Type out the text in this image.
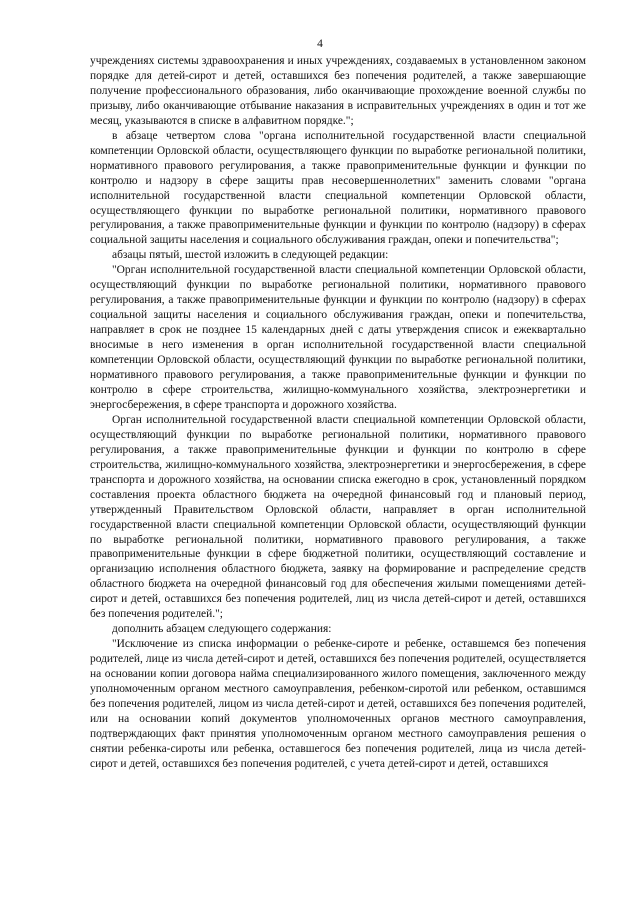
4

учреждениях системы здравоохранения и иных учреждениях, создаваемых в установленном законом порядке для детей-сирот и детей, оставшихся без попечения родителей, а также завершающие получение профессионального образования, либо оканчивающие прохождение военной службы по призыву, либо оканчивающие отбывание наказания в исправительных учреждениях в один и тот же месяц, указываются в списке в алфавитном порядке.";

в абзаце четвертом слова "органа исполнительной государственной власти специальной компетенции Орловской области, осуществляющего функции по выработке региональной политики, нормативного правового регулирования, а также правоприменительные функции и функции по контролю и надзору в сфере защиты прав несовершеннолетних" заменить словами "органа исполнительной государственной власти специальной компетенции Орловской области, осуществляющего функции по выработке региональной политики, нормативного правового регулирования, а также правоприменительные функции и функции по контролю (надзору) в сферах социальной защиты населения и социального обслуживания граждан, опеки и попечительства";

абзацы пятый, шестой изложить в следующей редакции:

"Орган исполнительной государственной власти специальной компетенции Орловской области, осуществляющий функции по выработке региональной политики, нормативного правового регулирования, а также правоприменительные функции и функции по контролю (надзору) в сферах социальной защиты населения и социального обслуживания граждан, опеки и попечительства, направляет в срок не позднее 15 календарных дней с даты утверждения список и ежеквартально вносимые в него изменения в орган исполнительной государственной власти специальной компетенции Орловской области, осуществляющий функции по выработке региональной политики, нормативного правового регулирования, а также правоприменительные функции и функции по контролю в сфере строительства, жилищно-коммунального хозяйства, электроэнергетики и энергосбережения, в сфере транспорта и дорожного хозяйства.

Орган исполнительной государственной власти специальной компетенции Орловской области, осуществляющий функции по выработке региональной политики, нормативного правового регулирования, а также правоприменительные функции и функции по контролю в сфере строительства, жилищно-коммунального хозяйства, электроэнергетики и энергосбережения, в сфере транспорта и дорожного хозяйства, на основании списка ежегодно в срок, установленный порядком составления проекта областного бюджета на очередной финансовый год и плановый период, утвержденный Правительством Орловской области, направляет в орган исполнительной государственной власти специальной компетенции Орловской области, осуществляющий функции по выработке региональной политики, нормативного правового регулирования, а также правоприменительные функции в сфере бюджетной политики, осуществляющий составление и организацию исполнения областного бюджета, заявку на формирование и распределение средств областного бюджета на очередной финансовый год для обеспечения жилыми помещениями детей-сирот и детей, оставшихся без попечения родителей, лиц из числа детей-сирот и детей, оставшихся без попечения родителей.";

дополнить абзацем следующего содержания:

"Исключение из списка информации о ребенке-сироте и ребенке, оставшемся без попечения родителей, лице из числа детей-сирот и детей, оставшихся без попечения родителей, осуществляется на основании копии договора найма специализированного жилого помещения, заключенного между уполномоченным органом местного самоуправления, ребенком-сиротой или ребенком, оставшимся без попечения родителей, лицом из числа детей-сирот и детей, оставшихся без попечения родителей, или на основании копий документов уполномоченных органов местного самоуправления, подтверждающих факт принятия уполномоченным органом местного самоуправления решения о снятии ребенка-сироты или ребенка, оставшегося без попечения родителей, лица из числа детей-сирот и детей, оставшихся без попечения родителей, с учета детей-сирот и детей, оставшихся
